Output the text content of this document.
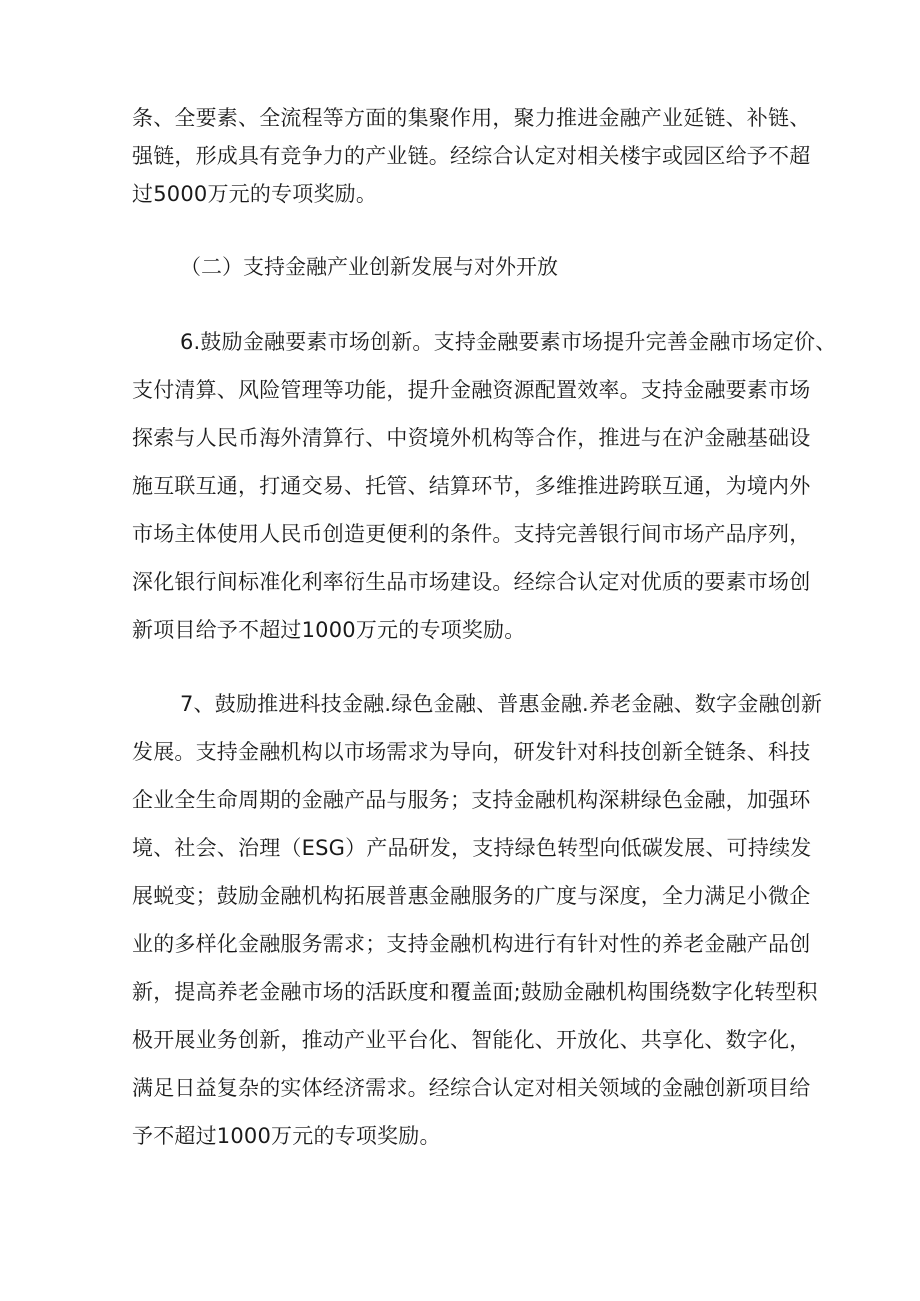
条、全要素、全流程等方面的集聚作用，聚力推进金融产业延链、补链、
强链，形成具有竞争力的产业链。经综合认定对相关楼宇或园区给予不超
过5000万元的专项奖励。
（二）支持金融产业创新发展与对外开放
6.鼓励金融要素市场创新。支持金融要素市场提升完善金融市场定价、
支付清算、风险管理等功能，提升金融资源配置效率。支持金融要素市场
探索与人民币海外清算行、中资境外机构等合作，推进与在沪金融基础设
施互联互通，打通交易、托管、结算环节，多维推进跨联互通，为境内外
市场主体使用人民币创造更便利的条件。支持完善银行间市场产品序列，
深化银行间标准化利率衍生品市场建设。经综合认定对优质的要素市场创
新项目给予不超过1000万元的专项奖励。
7、鼓励推进科技金融.绿色金融、普惠金融.养老金融、数字金融创新
发展。支持金融机构以市场需求为导向，研发针对科技创新全链条、科技
企业全生命周期的金融产品与服务；支持金融机构深耕绿色金融，加强环
境、社会、治理（ESG）产品研发，支持绿色转型向低碳发展、可持续发
展蜕变；鼓励金融机构拓展普惠金融服务的广度与深度，全力满足小微企
业的多样化金融服务需求；支持金融机构进行有针对性的养老金融产品创
新，提高养老金融市场的活跃度和覆盖面;鼓励金融机构围绕数字化转型积
极开展业务创新，推动产业平台化、智能化、开放化、共享化、数字化，
满足日益复杂的实体经济需求。经综合认定对相关领域的金融创新项目给
予不超过1000万元的专项奖励。
